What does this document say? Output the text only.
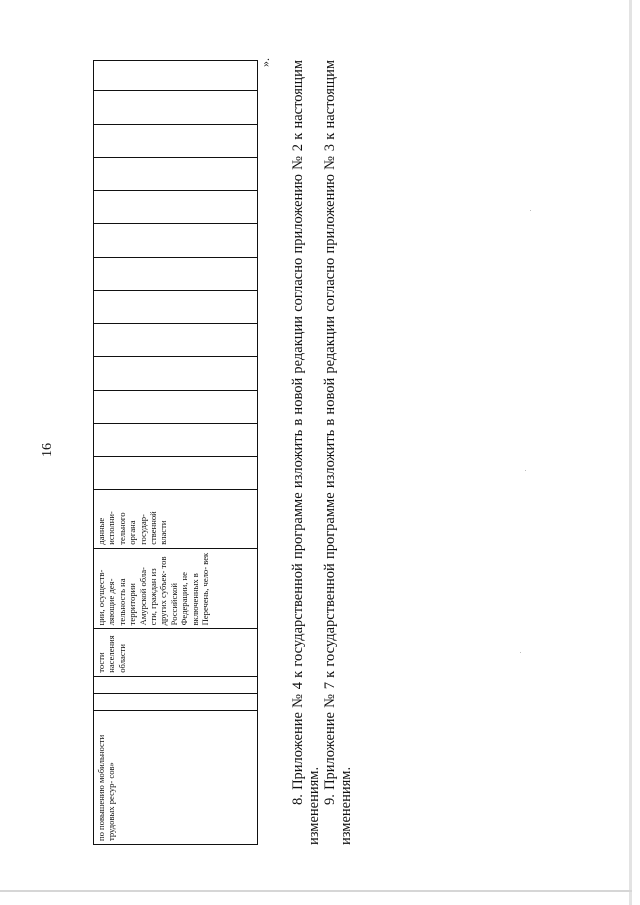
16
по повышению мобильности трудовых ресур- сов»			тости населения области	ции, осуществ- ляющие дея- тельность на территории Амурской обла- сти, граждан из других субъек- тов Российской Федерации, не включенных в Перечень, чело- век	данные исполни- тельного органа государ- ственной власти													
». 8. Приложение № 4 к государственной программе изложить в новой редакции согласно приложению № 2 к настоящим изменениям.
9. Приложение № 7 к государственной программе изложить в новой редакции согласно приложению № 3 к настоящим изменениям.
